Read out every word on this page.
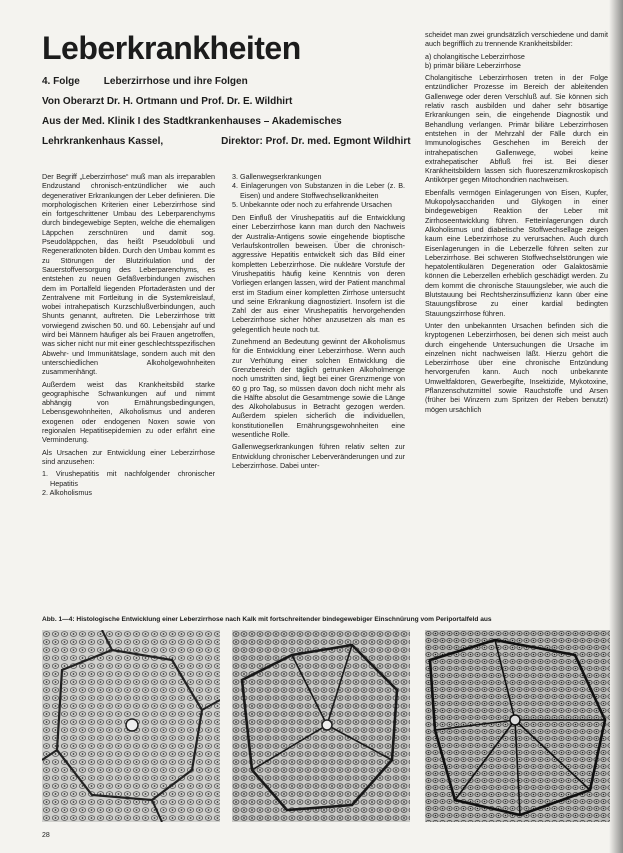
Leberkrankheiten
4. Folge Leberzirrhose und ihre Folgen
Von Oberarzt Dr. H. Ortmann und Prof. Dr. E. Wildhirt
Aus der Med. Klinik I des Stadtkrankenhauses – Akademisches
Lehrkrankenhaus Kassel,	Direktor: Prof. Dr. med. Egmont Wildhirt

Der Begriff „Leberzirrhose“ muß man als irreparablen Endzustand chronisch-entzündlicher wie auch degenerativer Erkrankungen der Leber definieren. Die morphologischen Kriterien einer Leberzirrhose sind ein fortgeschrittener Umbau des Leberparenchyms durch bindegewebige Septen, welche die ehemaligen Läppchen zerschnüren und damit sog. Pseudoläppchen, das heißt Pseudolöbuli und Regeneratknoten bilden. Durch den Umbau kommt es zu Störungen der Blutzirkulation und der Sauerstoffversorgung des Leberparenchyms, es entstehen zu neuen Gefäßverbindungen zwischen dem im Portalfeld liegenden Pfortaderästen und der Zentralvene mit Fortleitung in die Systemkreislauf, wobei intrahepatisch Kurzschlußverbindungen, auch Shunts genannt, auftreten. Die Leberzirrhose tritt vorwiegend zwischen 50. und 60. Lebensjahr auf und wird bei Männern häufiger als bei Frauen angetroffen, was sicher nicht nur mit einer geschlechtsspezifischen Abwehr- und Immunitätslage, sondern auch mit den unterschiedlichen Alkoholgewohnheiten zusammenhängt.

Außerdem weist das Krankheitsbild starke geographische Schwankungen auf und nimmt abhängig von Ernährungsbedingungen, Lebensgewohnheiten, Alkoholismus und anderen exogenen oder endogenen Noxen sowie von regionalen Hepatitisepidemien zu oder erfährt eine Verminderung.

Als Ursachen zur Entwicklung einer Leberzirrhose sind anzusehen:

1. Virushepatitis mit nachfolgender chronischer Hepatitis

2. Alkoholismus

3. Gallenwegserkrankungen

4. Einlagerungen von Substanzen in die Leber (z. B. Eisen) und andere Stoffwechselkrankheiten

5. Unbekannte oder noch zu erfahrende Ursachen

Den Einfluß der Virushepatitis auf die Entwicklung einer Leberzirrhose kann man durch den Nachweis der Australia-Antigens sowie eingehende bioptische Verlaufskontrollen beweisen. Über die chronisch-aggressive Hepatitis entwickelt sich das Bild einer kompletten Leberzirrhose. Die nukleäre Vorstufe der Virushepatitis häufig keine Kenntnis von deren Vorliegen erlangen lassen, wird der Patient manchmal erst im Stadium einer kompletten Zirrhose untersucht und seine Erkrankung diagnostiziert. Insofern ist die Zahl der aus einer Virushepatitis hervorgehenden Leberzirrhose sicher höher anzusetzen als man es gelegentlich heute noch tut.

Zunehmend an Bedeutung gewinnt der Alkoholismus für die Entwicklung einer Leberzirrhose. Wenn auch zur Verhütung einer solchen Entwicklung die Grenzbereich der täglich getrunken Alkoholmenge noch umstritten sind, liegt bei einer Grenzmenge von 60 g pro Tag, so müssen davon doch nicht mehr als die Hälfte absolut die Gesamtmenge sowie die Länge des Alkoholabusus in Betracht gezogen werden. Außerdem spielen sicherlich die individuellen, konstitutionellen Ernährungsgewohnheiten eine wesentliche Rolle.

Gallenwegserkrankungen führen relativ selten zur Entwicklung chronischer Leberveränderungen und zur Leberzirrhose. Dabei unter-

scheidet man zwei grundsätzlich verschiedene und damit auch begrifflich zu trennende Krankheitsbilder:

a) cholangitische Leberzirrhose

b) primär biliäre Leberzirrhose

Cholangitische Leberzirrhosen treten in der Folge entzündlicher Prozesse im Bereich der ableitenden Gallenwege oder deren Verschluß auf. Sie können sich relativ rasch ausbilden und daher sehr bösartige Erkrankungen sein, die eingehende Diagnostik und Behandlung verlangen. Primär biliäre Leberzirrhosen entstehen in der Mehrzahl der Fälle durch ein Immunologisches Geschehen im Bereich der intrahepatischen Gallenwege, wobei keine extrahepatischer Abfluß frei ist. Bei dieser Krankheitsbildern lassen sich fluoreszenzmikroskopisch Antikörper gegen Mitochondrien nachweisen.

Ebenfalls vermögen Einlagerungen von Eisen, Kupfer, Mukopolysacchariden und Glykogen in einer bindegewebigen Reaktion der Leber mit Zirrhoseentwicklung führen. Fetteinlagerungen durch Alkoholismus und diabetische Stoffwechsellage zeigen kaum eine Leberzirrhose zu verursachen. Auch durch Eisenlagerungen in die Leberzelle führen selten zur Leberzirrhose. Bei schweren Stoffwechselstörungen wie hepatolentikulären Degeneration oder Galaktosämie können die Leberzellen erheblich geschädigt werden. Zu dem kommt die chronische Stauungsleber, wie auch die Blutstauung bei Rechtsherzinsuffizienz kann über eine Stauungsfibrose zu einer kardial bedingten Stauungszirrhose führen.

Unter den unbekannten Ursachen befinden sich die kryptogenen Leberzirrhosen, bei denen sich meist auch durch eingehende Untersuchungen die Ursache im einzelnen nicht nachweisen läßt. Hierzu gehört die Leberzirrhose über eine chronische Entzündung hervorgerufen kann. Auch noch unbekannte Umweltfaktoren, Gewerbegifte, Insektizide, Mykotoxine, Pflanzenschutzmittel sowie Rauchstoffe und Arsen (früher bei Winzern zum Spritzen der Reben benutzt) mögen ursächlich

Abb. 1—4: Histologische Entwicklung einer Leberzirrhose nach Kalk mit fortschreitender bindegewebiger Einschnürung vom Periportalfeld aus
28
